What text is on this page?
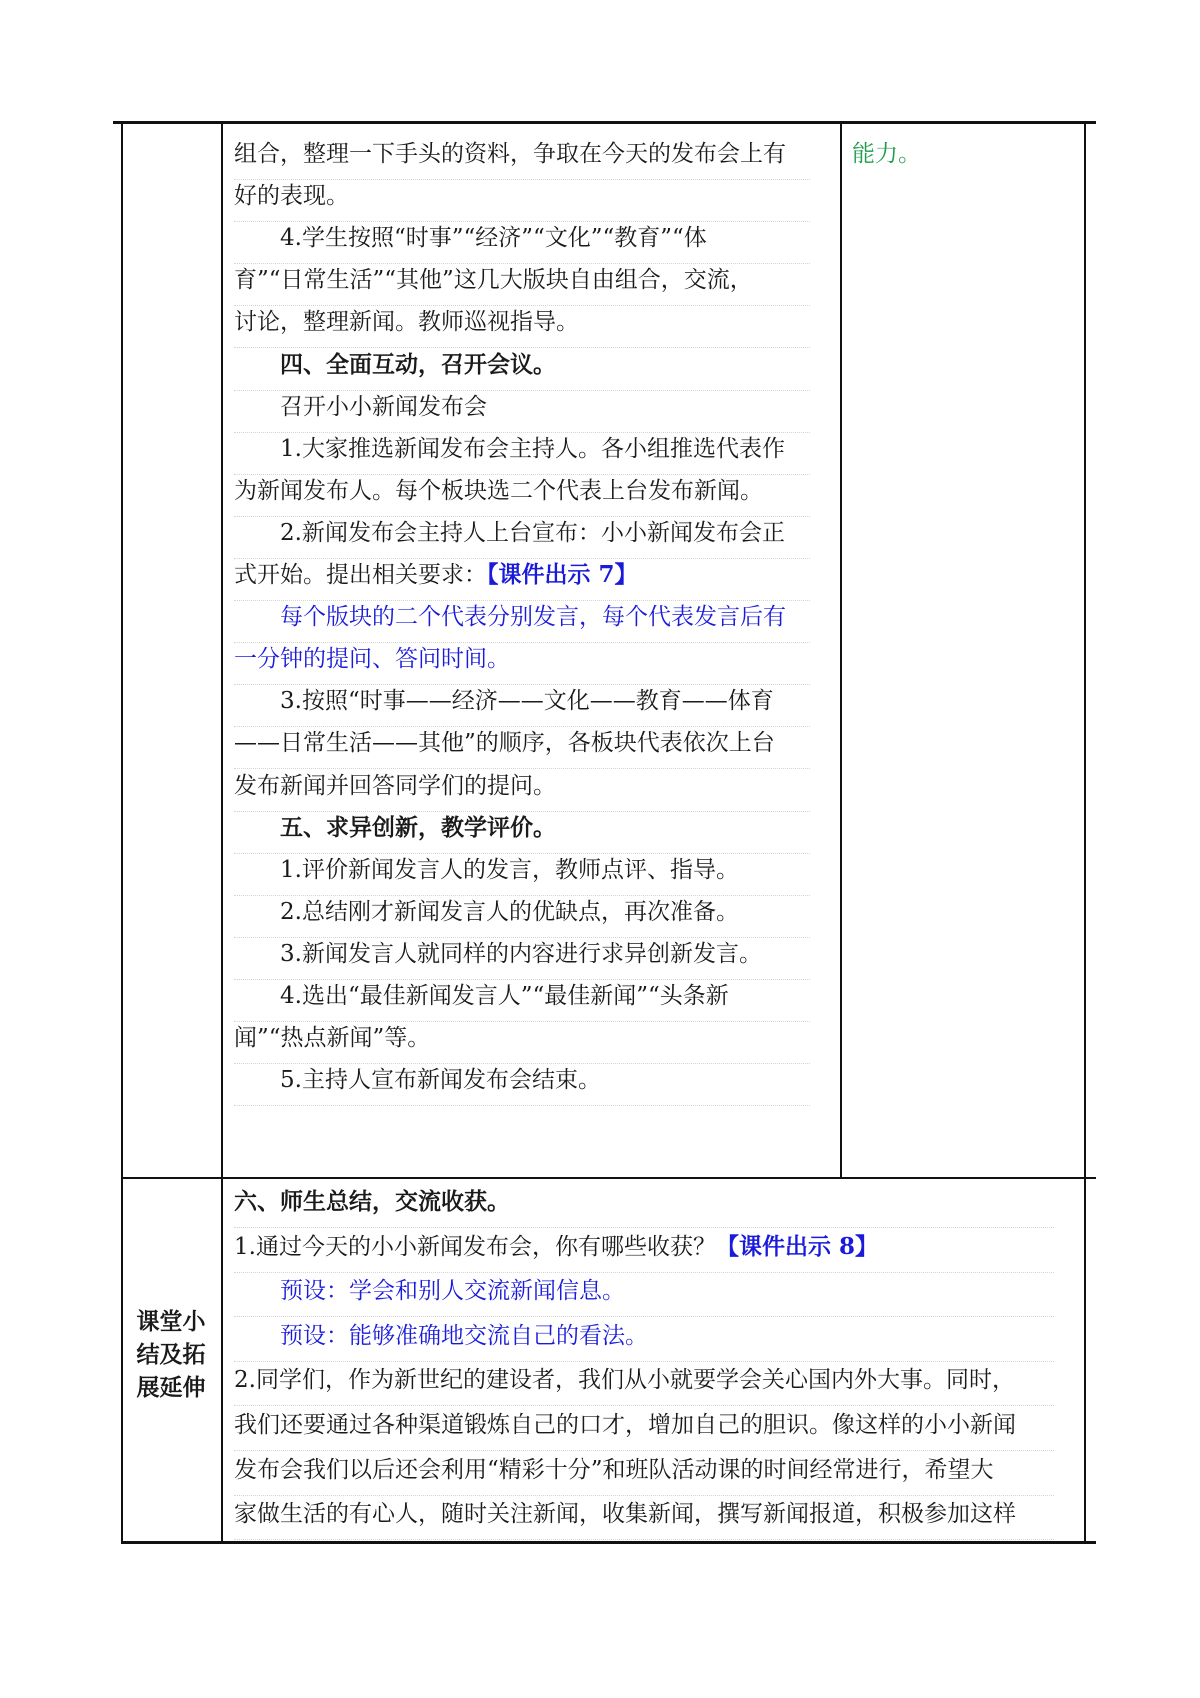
组合，整理一下手头的资料，争取在今天的发布会上有
好的表现。
　　4.学生按照“时事”“经济”“文化”“教育”“体
育”“日常生活”“其他”这几大版块自由组合，交流，
讨论，整理新闻。教师巡视指导。
　　四、全面互动，召开会议。
　　召开小小新闻发布会
　　1.大家推选新闻发布会主持人。各小组推选代表作
为新闻发布人。每个板块选二个代表上台发布新闻。
　　2.新闻发布会主持人上台宣布：小小新闻发布会正
式开始。提出相关要求：【课件出示 7】
　　每个版块的二个代表分别发言，每个代表发言后有
一分钟的提问、答问时间。
　　3.按照“时事——经济——文化——教育——体育
——日常生活——其他”的顺序，各板块代表依次上台
发布新闻并回答同学们的提问。
　　五、求异创新，教学评价。
　　1.评价新闻发言人的发言，教师点评、指导。
　　2.总结刚才新闻发言人的优缺点，再次准备。
　　3.新闻发言人就同样的内容进行求异创新发言。
　　4.选出“最佳新闻发言人”“最佳新闻”“头条新
闻”“热点新闻”等。
　　5.主持人宣布新闻发布会结束。
能力。
课堂小
结及拓
展延伸
六、师生总结，交流收获。
1.通过今天的小小新闻发布会，你有哪些收获？【课件出示 8】
　　预设：学会和别人交流新闻信息。
　　预设：能够准确地交流自己的看法。
2.同学们，作为新世纪的建设者，我们从小就要学会关心国内外大事。同时，
我们还要通过各种渠道锻炼自己的口才，增加自己的胆识。像这样的小小新闻
发布会我们以后还会利用“精彩十分”和班队活动课的时间经常进行，希望大
家做生活的有心人，随时关注新闻，收集新闻，撰写新闻报道，积极参加这样
